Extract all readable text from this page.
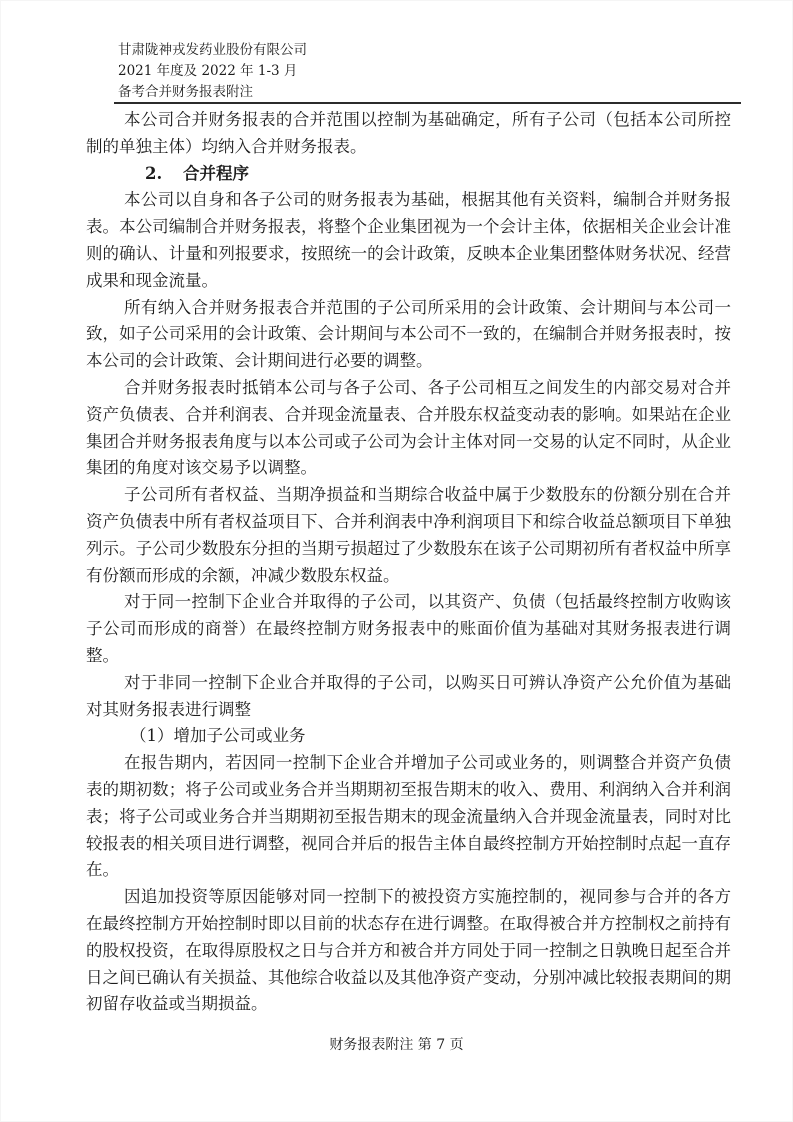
甘肃陇神戎发药业股份有限公司
2021 年度及 2022 年 1-3 月
备考合并财务报表附注

本公司合并财务报表的合并范围以控制为基础确定，所有子公司（包括本公司所控制的单独主体）均纳入合并财务报表。

2. 合并程序

本公司以自身和各子公司的财务报表为基础，根据其他有关资料，编制合并财务报表。本公司编制合并财务报表，将整个企业集团视为一个会计主体，依据相关企业会计准则的确认、计量和列报要求，按照统一的会计政策，反映本企业集团整体财务状况、经营成果和现金流量。

所有纳入合并财务报表合并范围的子公司所采用的会计政策、会计期间与本公司一致，如子公司采用的会计政策、会计期间与本公司不一致的，在编制合并财务报表时，按本公司的会计政策、会计期间进行必要的调整。

合并财务报表时抵销本公司与各子公司、各子公司相互之间发生的内部交易对合并资产负债表、合并利润表、合并现金流量表、合并股东权益变动表的影响。如果站在企业集团合并财务报表角度与以本公司或子公司为会计主体对同一交易的认定不同时，从企业集团的角度对该交易予以调整。

子公司所有者权益、当期净损益和当期综合收益中属于少数股东的份额分别在合并资产负债表中所有者权益项目下、合并利润表中净利润项目下和综合收益总额项目下单独列示。子公司少数股东分担的当期亏损超过了少数股东在该子公司期初所有者权益中所享有份额而形成的余额，冲减少数股东权益。

对于同一控制下企业合并取得的子公司，以其资产、负债（包括最终控制方收购该子公司而形成的商誉）在最终控制方财务报表中的账面价值为基础对其财务报表进行调整。

对于非同一控制下企业合并取得的子公司，以购买日可辨认净资产公允价值为基础对其财务报表进行调整

（1）增加子公司或业务

在报告期内，若因同一控制下企业合并增加子公司或业务的，则调整合并资产负债表的期初数；将子公司或业务合并当期期初至报告期末的收入、费用、利润纳入合并利润表；将子公司或业务合并当期期初至报告期末的现金流量纳入合并现金流量表，同时对比较报表的相关项目进行调整，视同合并后的报告主体自最终控制方开始控制时点起一直存在。

因追加投资等原因能够对同一控制下的被投资方实施控制的，视同参与合并的各方在最终控制方开始控制时即以目前的状态存在进行调整。在取得被合并方控制权之前持有的股权投资，在取得原股权之日与合并方和被合并方同处于同一控制之日孰晚日起至合并日之间已确认有关损益、其他综合收益以及其他净资产变动，分别冲减比较报表期间的期初留存收益或当期损益。

财务报表附注 第 7 页
